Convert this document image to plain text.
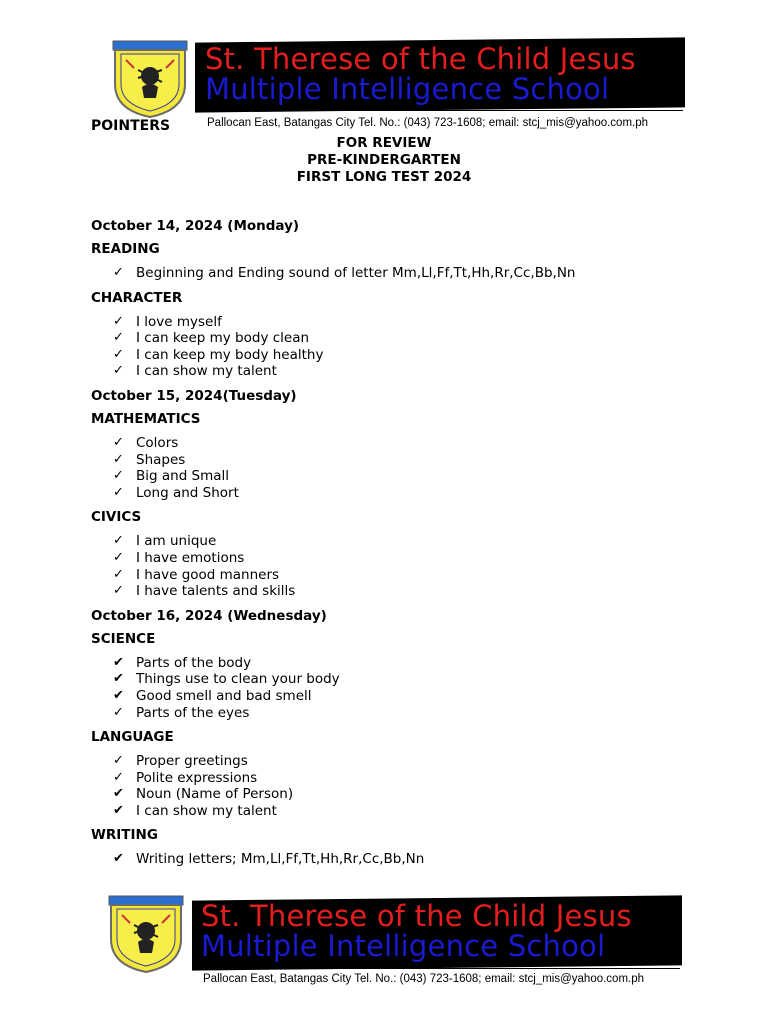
St. Therese of the Child Jesus
Multiple Intelligence School
Pallocan East, Batangas City Tel. No.: (043) 723-1608; email: stcj_mis@yahoo.com.ph
POINTERS
FOR REVIEW
PRE-KINDERGARTEN
FIRST LONG TEST 2024

October 14, 2024 (Monday)

READING

✓ Beginning and Ending sound of letter Mm,Ll,Ff,Tt,Hh,Rr,Cc,Bb,Nn

CHARACTER

✓ I love myself
✓ I can keep my body clean
✓ I can keep my body healthy
✓ I can show my talent

October 15, 2024(Tuesday)

MATHEMATICS

✓ Colors
✓ Shapes
✓ Big and Small
✓ Long and Short

CIVICS

✓ I am unique
✓ I have emotions
✓ I have good manners
✓ I have talents and skills

October 16, 2024 (Wednesday)

SCIENCE

✔ Parts of the body
✔ Things use to clean your body
✔ Good smell and bad smell
✓ Parts of the eyes

LANGUAGE

✓ Proper greetings
✓ Polite expressions
✔ Noun (Name of Person)
✔ I can show my talent

WRITING

✔ Writing letters; Mm,Ll,Ff,Tt,Hh,Rr,Cc,Bb,Nn
St. Therese of the Child Jesus
Multiple Intelligence School
Pallocan East, Batangas City Tel. No.: (043) 723-1608; email: stcj_mis@yahoo.com.ph
